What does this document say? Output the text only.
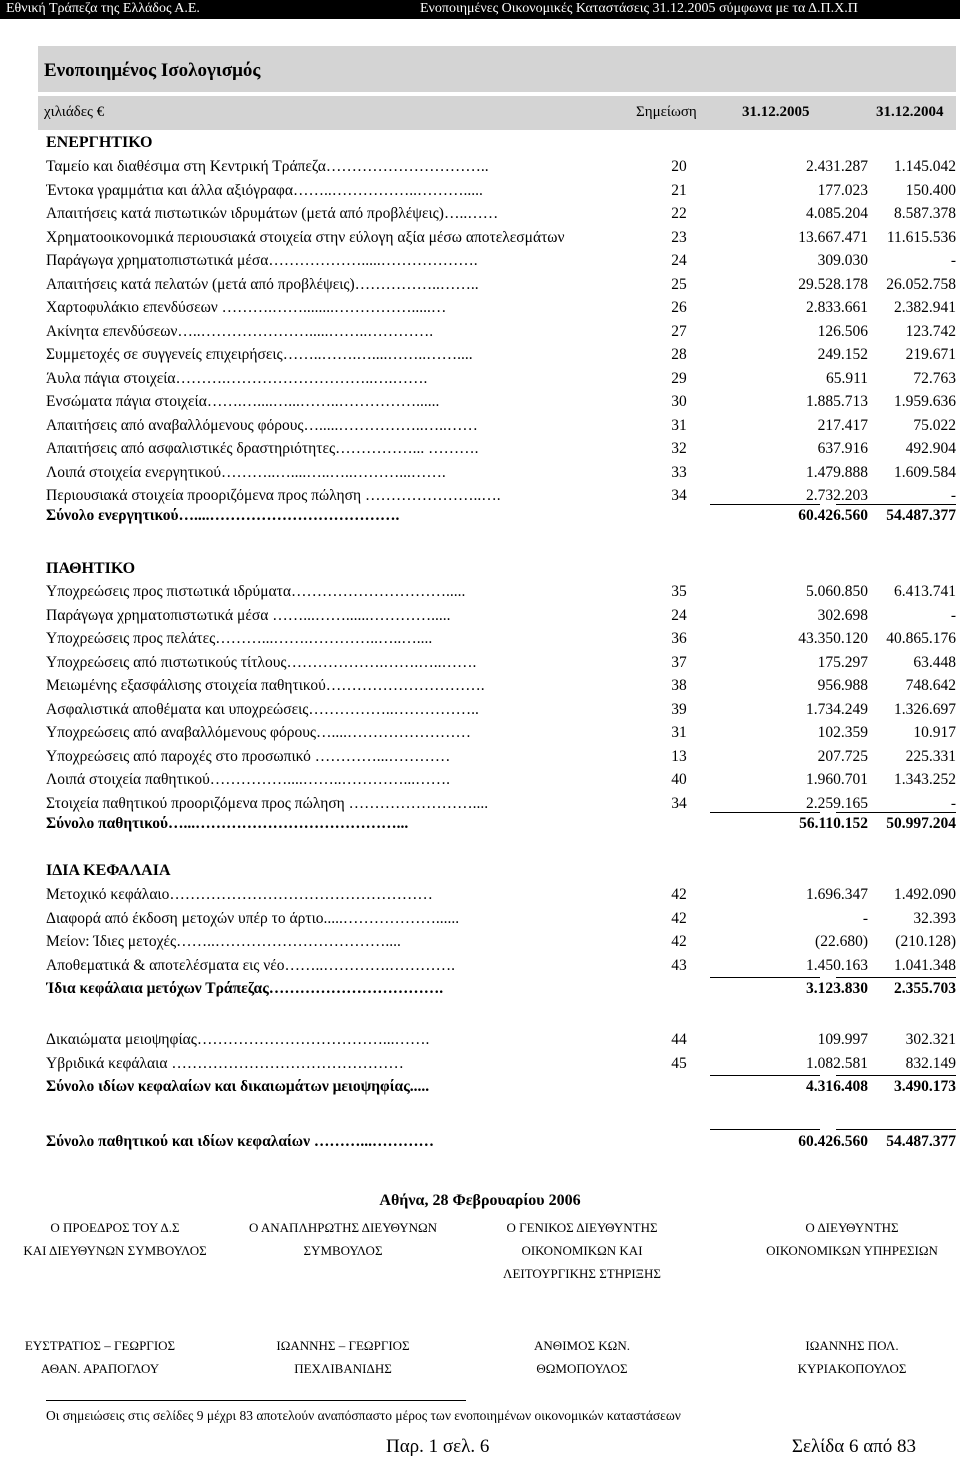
Εθνική Τράπεζα της Ελλάδος Α.Ε.	Ενοποιημένες Οικονομικές Καταστάσεις 31.12.2005 σύμφωνα με τα Δ.Π.Χ.Π
Ενοποιημένος Ισολογισμός
χιλιάδες €	Σημείωση	31.12.2005	31.12.2004
ΕΝΕΡΓΗΤΙΚΟ
Ταμείο και διαθέσιμα στη Κεντρική Τράπεζα…………………………..	20	2.431.287	1.145.042
Έντοκα γραμμάτια και άλλα αξιόγραφα……..……………..……….....	21	177.023	150.400
Απαιτήσεις κατά πιστωτικών ιδρυμάτων (μετά από προβλέψεις)…..……	22	4.085.204	8.587.378
Χρηματοοικονομικά περιουσιακά στοιχεία στην εύλογη αξία μέσω αποτελεσμάτων	23	13.667.471	11.615.536
Παράγωγα χρηματοπιστωτικά μέσα……………….....……………….	24	309.030	-
Απαιτήσεις κατά πελατών (μετά από προβλέψεις)……………..……..	25	29.528.178	26.052.758
Χαρτοφυλάκιο επενδύσεων ……….……........…………….....…	26	2.833.661	2.382.941
Ακίνητα επενδύσεων…..………………….....……..………….	27	126.506	123.742
Συμμετοχές σε συγγενείς επιχειρήσεις……..…….…....……..……....	28	249.152	219.671
Άυλα πάγια στοιχεία……….………………………..….…….	29	65.911	72.763
Ενσώματα πάγια στοιχεία…….…....…...……..……………......	30	1.885.713	1.959.636
Απαιτήσεις από αναβαλλόμενους φόρους….....……………..…..……	31	217.417	75.022
Απαιτήσεις από ασφαλιστικές δραστηριότητες……………... ……….	32	637.916	492.904
Λοιπά στοιχεία ενεργητικού………..…....…..…..………...…….	33	1.479.888	1.609.584
Περιουσιακά στοιχεία προοριζόμενα προς πώληση …………………..….	34	2.732.203	-
Σύνολο ενεργητικού…....……………………………….	60.426.560	54.487.377
ΠΑΘΗΤΙΚΟ
Υποχρεώσεις προς πιστωτικά ιδρύματα………………………….....	35	5.060.850	6.413.741
Παράγωγα χρηματοπιστωτικά μέσα ……...……......………….....	24	302.698	-
Υποχρεώσεις προς πελάτες………...…….…………..…..…....	36	43.350.120	40.865.176
Υποχρεώσεις από πιστωτικούς τίτλους……………….…….…..…….	37	175.297	63.448
Μειωμένης εξασφάλισης στοιχεία παθητικού………………………….	38	956.988	748.642
Ασφαλιστικά αποθέματα και υποχρεώσεις……………..……………..	39	1.734.249	1.326.697
Υποχρεώσεις από αναβαλλόμενους φόρους…....……………………	31	102.359	10.917
Υποχρεώσεις από παροχές στο προσωπικό …………...…………	13	207.725	225.331
Λοιπά στοιχεία παθητικού……………....……..…………...…….	40	1.960.701	1.343.252
Στοιχεία παθητικού προοριζόμενα προς πώληση ……………………....	34	2.259.165	-
Σύνολο παθητικού…...…………………………………...	56.110.152	50.997.204
ΙΔΙΑ ΚΕΦΑΛΑΙΑ
Μετοχικό κεφάλαιο……………………………………………	42	1.696.347	1.492.090
Διαφορά από έκδοση μετοχών υπέρ το άρτιο.....………………......	42	-	32.393
Μείον: Ίδιες μετοχές……..……………………………....	42	(22.680)	(210.128)
Αποθεματικά & αποτελέσματα εις νέο……..………….………….	43	1.450.163	1.041.348
Ίδια κεφάλαια μετόχων Τράπεζας…………………………….	3.123.830	2.355.703
Δικαιώματα μειοψηφίας………………………………...…….	44	109.997	302.321
Υβριδικά κεφάλαια ………………………………………	45	1.082.581	832.149
Σύνολο ιδίων κεφαλαίων και δικαιωμάτων μειοψηφίας.....	4.316.408	3.490.173
Σύνολο παθητικού και ιδίων κεφαλαίων ………...…………	60.426.560	54.487.377
Αθήνα, 28 Φεβρουαρίου 2006
Ο ΠΡΟΕΔΡΟΣ ΤΟΥ Δ.Σ
ΚΑΙ ΔΙΕΥΘΥΝΩΝ ΣΥΜΒΟΥΛΟΣ
Ο ΑΝΑΠΛΗΡΩΤΗΣ ΔΙΕΥΘΥΝΩΝ
ΣΥΜΒΟΥΛΟΣ
Ο ΓΕΝΙΚΟΣ ΔΙΕΥΘΥΝΤΗΣ
ΟΙΚΟΝΟΜΙΚΩΝ ΚΑΙ
ΛΕΙΤΟΥΡΓΙΚΗΣ ΣΤΗΡΙΞΗΣ
Ο ΔΙΕΥΘΥΝΤΗΣ
ΟΙΚΟΝΟΜΙΚΩΝ ΥΠΗΡΕΣΙΩΝ
ΕΥΣΤΡΑΤΙΟΣ – ΓΕΩΡΓΙΟΣ
ΑΘΑΝ. ΑΡΑΠΟΓΛΟΥ
ΙΩΑΝΝΗΣ – ΓΕΩΡΓΙΟΣ
ΠΕΧΛΙΒΑΝΙΔΗΣ
ΑΝΘΙΜΟΣ ΚΩΝ.
ΘΩΜΟΠΟΥΛΟΣ
ΙΩΑΝΝΗΣ ΠΟΛ.
ΚΥΡΙΑΚΟΠΟΥΛΟΣ
Οι σημειώσεις στις σελίδες 9 μέχρι 83 αποτελούν αναπόσπαστο μέρος των ενοποιημένων οικονομικών καταστάσεων
Παρ. 1 σελ. 6	Σελίδα 6 από 83
